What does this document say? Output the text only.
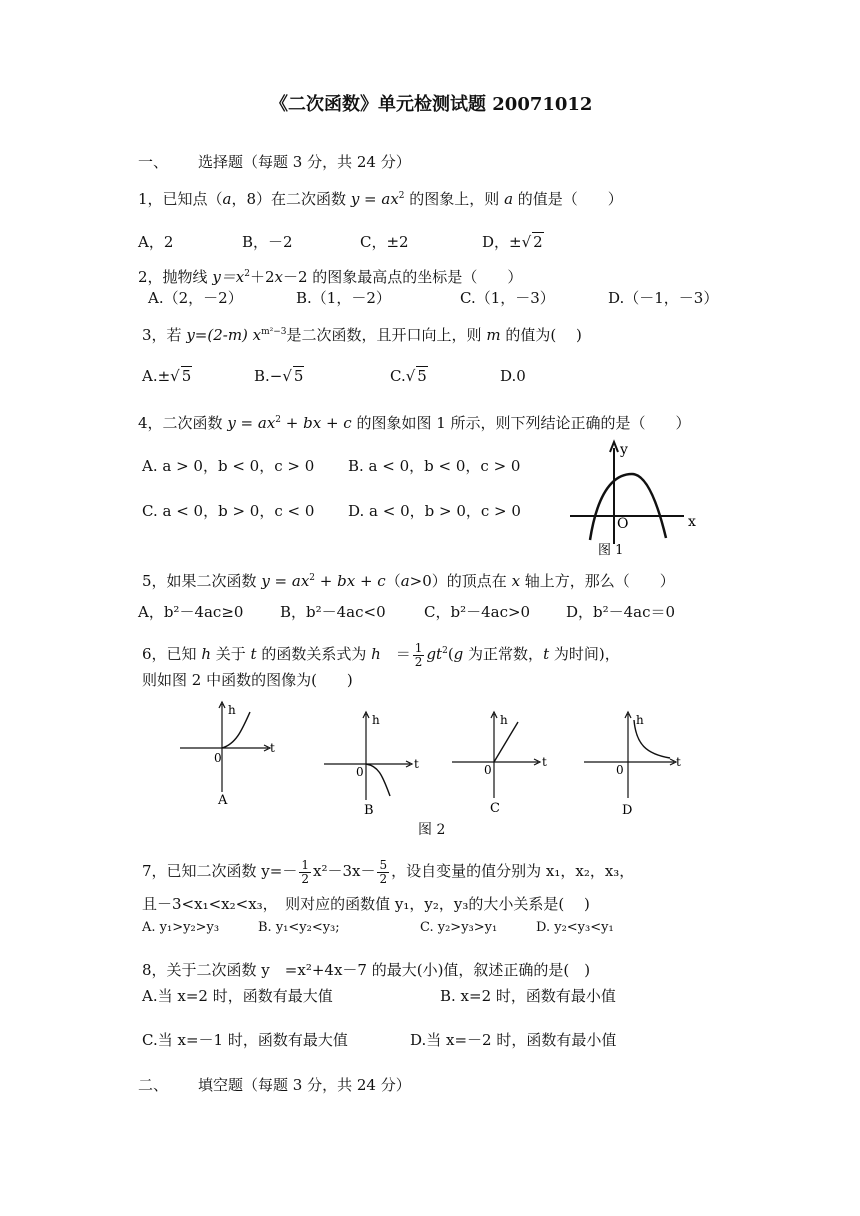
《二次函数》单元检测试题 20071012
一、 选择题（每题 3 分，共 24 分）
1，已知点（a，8）在二次函数 $y = ax^2$ 的图象上，则 a 的值是（　　）
A，2	B，－2	C，±2	D，±√ 2
2，抛物线 $y=x^2+2x-2$ 的图象最高点的坐标是（　　）
A.（2，－2）	B.（1，－2）	C.（1，－3）	D.（－1，－3）
3，若 y=(2-m) $x^{m^2-3}$是二次函数，且开口向上，则 m 的值为(　 )
A.±√ 5	B.−√ 5	C.√ 5	D.0
4，二次函数 $y = ax^2$ + bx + c 的图象如图 1 所示，则下列结论正确的是（　　）
A. a > 0，b < 0，c > 0 B. a < 0，b < 0，c > 0
C. a < 0，b > 0，c < 0 D. a < 0，b > 0，c > 0
y
x
O
图 1
5，如果二次函数 $y = ax^2$ + bx + c（a>0）的顶点在 x 轴上方，那么（　　）
A，b²－4ac≥0 B，b²－4ac<0	C，b²－4ac>0 D，b²－4ac＝0
6，已知 h 关于 t 的函数关系式为 h　＝ $\frac{1}{2} gt^2(g$ 为正常数，t 为时间)，
则如图 2 中函数的图像为(　　)
h
t
0
A
h
t
0
B
h
t
0
C
h
t
0
D
图 2
7，已知二次函数 $y=- \frac{1}{2} x^2-3x- \frac{5}{2}$ ，设自变量的值分别为 x₁，x₂，x₃，
且－3<x₁<x₂<x₃，　则对应的函数值 y₁，y₂，y₃的大小关系是(　 )
A. y₁>y₂>y₃	B. y₁<y₂<y₃;	C. y₂>y₃>y₁	D. y₂<y₃<y₁
8，关于二次函数 y　=x²+4x－7 的最大(小)值，叙述正确的是(　)
A.当 x=2 时，函数有最大值	B. x=2 时，函数有最小值
C.当 x=－1 时，函数有最大值	D.当 x=－2 时，函数有最小值
二、 填空题（每题 3 分，共 24 分）
